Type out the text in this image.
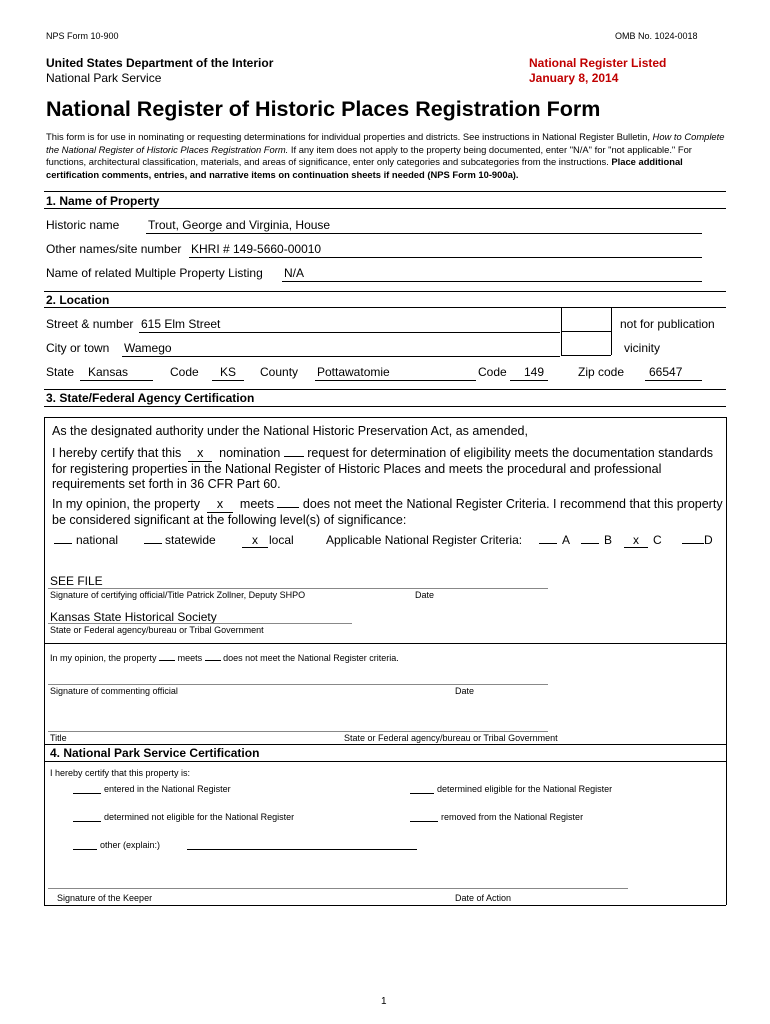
NPS Form 10-900	OMB No. 1024-0018
United States Department of the Interior
National Park Service
National Register Listed
January 8, 2014
National Register of Historic Places Registration Form
This form is for use in nominating or requesting determinations for individual properties and districts. See instructions in National Register Bulletin, How to Complete the National Register of Historic Places Registration Form. If any item does not apply to the property being documented, enter "N/A" for "not applicable." For functions, architectural classification, materials, and areas of significance, enter only categories and subcategories from the instructions. Place additional certification comments, entries, and narrative items on continuation sheets if needed (NPS Form 10-900a).
1. Name of Property
Historic name Trout, George and Virginia, House
Other names/site number KHRI # 149-5660-00010
Name of related Multiple Property Listing N/A
2. Location
Street & number 615 Elm Street	not for publication
City or town Wamego	vicinity
State Kansas	Code KS County Pottawatomie	Code 149	Zip code 66547
3. State/Federal Agency Certification
As the designated authority under the National Historic Preservation Act, as amended,
I hereby certify that this x nomination request for determination of eligibility meets the documentation standards for registering properties in the National Register of Historic Places and meets the procedural and professional requirements set forth in 36 CFR Part 60.
In my opinion, the property x meets does not meet the National Register Criteria. I recommend that this property be considered significant at the following level(s) of significance:
national	statewide	x local	Applicable National Register Criteria:	A	B	x	C	D
SEE FILE
Signature of certifying official/Title Patrick Zollner, Deputy SHPO	Date
Kansas State Historical Society
State or Federal agency/bureau or Tribal Government
In my opinion, the property meets does not meet the National Register criteria.
Signature of commenting official	Date
Title	State or Federal agency/bureau or Tribal Government
4. National Park Service Certification
I hereby certify that this property is:
entered in the National Register	determined eligible for the National Register
determined not eligible for the National Register	removed from the National Register
other (explain:)
Signature of the Keeper	Date of Action
1
